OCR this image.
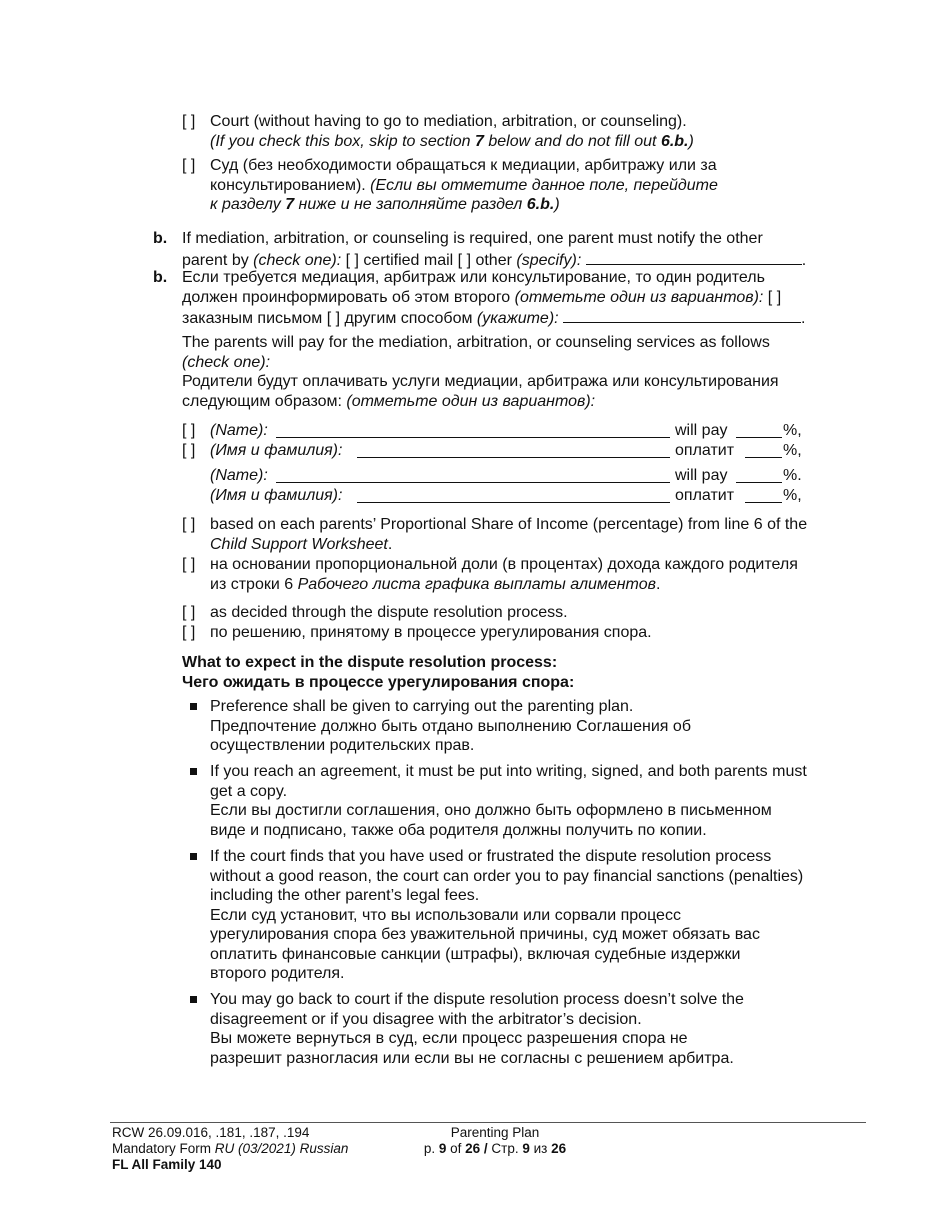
[ ] Court (without having to go to mediation, arbitration, or counseling).
(If you check this box, skip to section 7 below and do not fill out 6.b.)
[ ] Суд (без необходимости обращаться к медиации, арбитражу или за
консультированием). (Если вы отметите данное поле, перейдите
к разделу 7 ниже и не заполняйте раздел 6.b.)
b. If mediation, arbitration, or counseling is required, one parent must notify the other
parent by (check one): [ ] certified mail [ ] other (specify):	.
b. Если требуется медиация, арбитраж или консультирование, то один родитель
должен проинформировать об этом второго (отметьте один из вариантов): [ ]
заказным письмом [ ] другим способом (укажите):	.
The parents will pay for the mediation, arbitration, or counseling services as follows
(check one):
Родители будут оплачивать услуги медиации, арбитража или консультирования
следующим образом: (отметьте один из вариантов):
[ ]
[ ]
(Name):	will pay	%,
(Имя и фамилия):	оплатит	%,
(Name):	will pay	%.
(Имя и фамилия):	оплатит	%,
[ ] based on each parents’ Proportional Share of Income (percentage) from line 6 of the
Child Support Worksheet.
[ ] на основании пропорциональной доли (в процентах) дохода каждого родителя
из строки 6 Рабочего листа графика выплаты алиментов.
[ ] as decided through the dispute resolution process.
[ ] по решению, принятому в процессе урегулирования спора.
What to expect in the dispute resolution process:
Чего ожидать в процессе урегулирования спора:
Preference shall be given to carrying out the parenting plan.
Предпочтение должно быть отдано выполнению Соглашения об
осуществлении родительских прав.
If you reach an agreement, it must be put into writing, signed, and both parents must
get a copy.
Если вы достигли соглашения, оно должно быть оформлено в письменном
виде и подписано, также оба родителя должны получить по копии.
If the court finds that you have used or frustrated the dispute resolution process
without a good reason, the court can order you to pay financial sanctions (penalties)
including the other parent’s legal fees.
Если суд установит, что вы использовали или сорвали процесс
урегулирования спора без уважительной причины, суд может обязать вас
оплатить финансовые санкции (штрафы), включая судебные издержки
второго родителя.
You may go back to court if the dispute resolution process doesn’t solve the
disagreement or if you disagree with the arbitrator’s decision.
Вы можете вернуться в суд, если процесс разрешения спора не
разрешит разногласия или если вы не согласны с решением арбитра.
RCW 26.09.016, .181, .187, .194
Mandatory Form RU (03/2021) Russian
FL All Family 140
Parenting Plan
p. 9 of 26 / Стр. 9 из 26
